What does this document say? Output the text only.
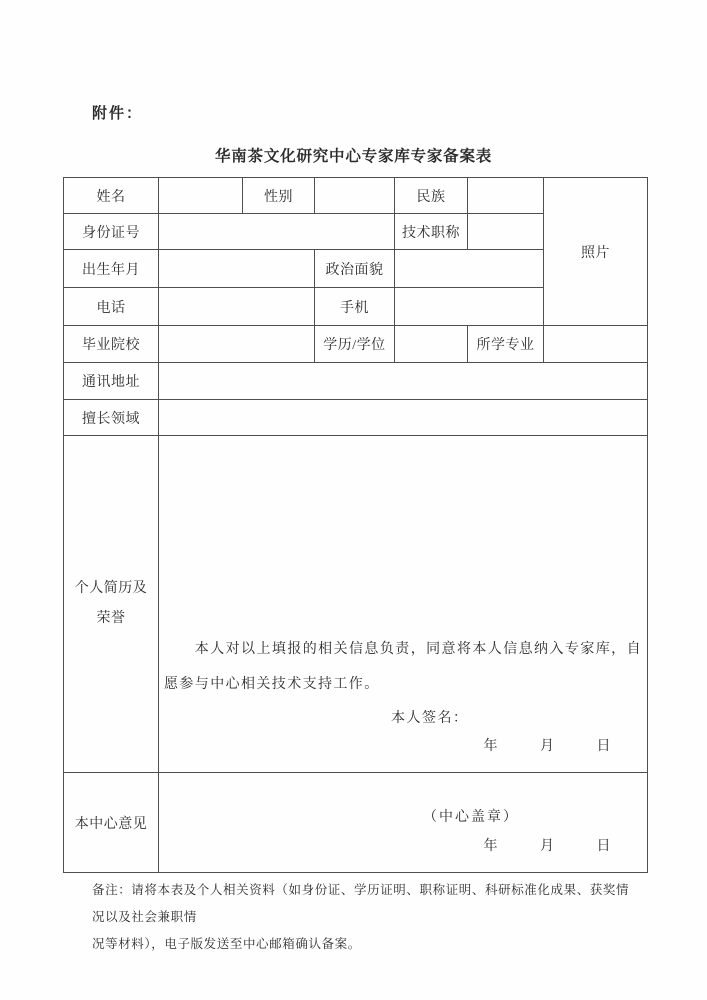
附件：
华南茶文化研究中心专家库专家备案表
姓名		性别		民族		照片
身份证号				技术职称		
出生年月			政治面貌			
电话			手机			
毕业院校			学历/学位		所学专业	
通讯地址						
擅长领域						

个人简历及
荣誉

本人对以上填报的相关信息负责，同意将本人信息纳入专家库，自愿参与中心相关技术支持工作。

本人签名：
年	月	日

本中心意见	（中心盖章）
年 月 日					
备注：请将本表及个人相关资料（如身份证、学历证明、职称证明、科研标准化成果、获奖情况以及社会兼职情
况等材料），电子版发送至中心邮箱确认备案。
